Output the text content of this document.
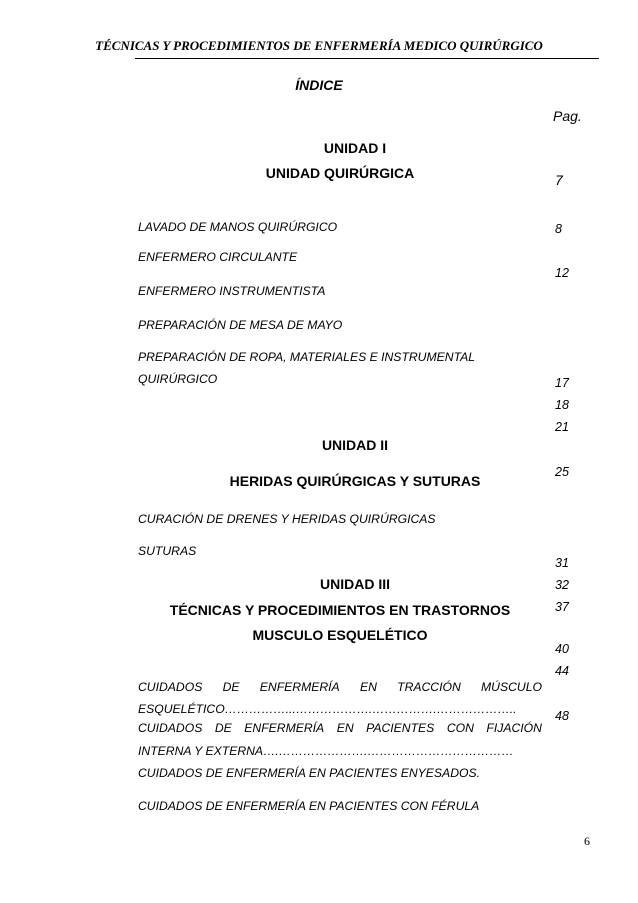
TÉCNICAS Y PROCEDIMIENTOS DE ENFERMERÍA MEDICO QUIRÚRGICO
ÍNDICE
Pag.
UNIDAD I
UNIDAD QUIRÚRGICA
LAVADO DE MANOS QUIRÚRGICO
ENFERMERO CIRCULANTE
ENFERMERO INSTRUMENTISTA
PREPARACIÓN DE MESA DE MAYO
PREPARACIÓN DE ROPA, MATERIALES E INSTRUMENTAL
QUIRÚRGICO
UNIDAD II
HERIDAS QUIRÚRGICAS Y SUTURAS
CURACIÓN DE DRENES Y HERIDAS QUIRÚRGICAS
SUTURAS
UNIDAD III
TÉCNICAS Y PROCEDIMIENTOS EN TRASTORNOS
MUSCULO ESQUELÉTICO
CUIDADOS DE ENFERMERÍA EN TRACCIÓN MÚSCULO
ESQUELÉTICO……………...……………….…………….………………..
CUIDADOS DE ENFERMERÍA EN PACIENTES CON FIJACIÓN
INTERNA Y EXTERNA….………………….………………………………
CUIDADOS DE ENFERMERÍA EN PACIENTES ENYESADOS.
CUIDADOS DE ENFERMERÍA EN PACIENTES CON FÉRULA
7
8
12
17
18
21
25
31
32
37
40
44
48
6
